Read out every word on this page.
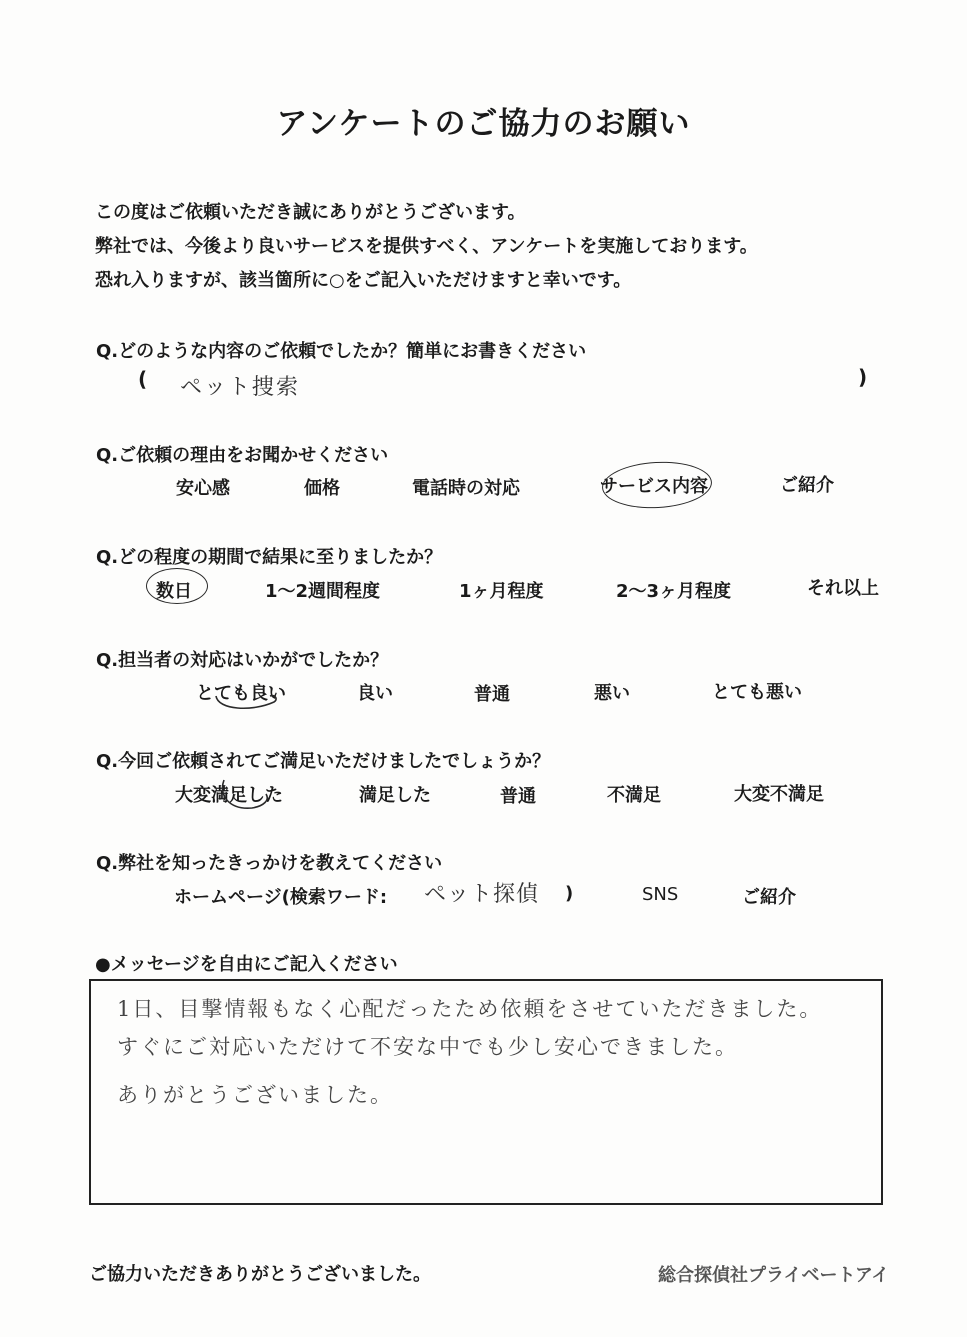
アンケートのご協力のお願い
この度はご依頼いただき誠にありがとうございます。
弊社では、今後より良いサービスを提供すべく、アンケートを実施しております。
恐れ入りますが、該当箇所に○をご記入いただけますと幸いです。
Q.どのような内容のご依頼でしたか？簡単にお書きください
( ペット捜索	)
Q.ご依頼の理由をお聞かせください
安心感	価格	電話時の対応	サービス内容	ご紹介
Q.どの程度の期間で結果に至りましたか？
数日	1～2週間程度	1ヶ月程度	2～3ヶ月程度	それ以上
Q.担当者の対応はいかがでしたか？
とても良い	良い	普通	悪い	とても悪い
Q.今回ご依頼されてご満足いただけましたでしょうか？
大変満足した	満足した	普通	不満足	大変不満足
Q.弊社を知ったきっかけを教えてください
ホームページ(検索ワード: ペット探偵 )	SNS	ご紹介
●メッセージを自由にご記入ください
1日、目撃情報もなく心配だったため依頼をさせていただきました。
すぐにご対応いただけて不安な中でも少し安心できました。
ありがとうございました。
ご協力いただきありがとうございました。	総合探偵社プライベートアイ
